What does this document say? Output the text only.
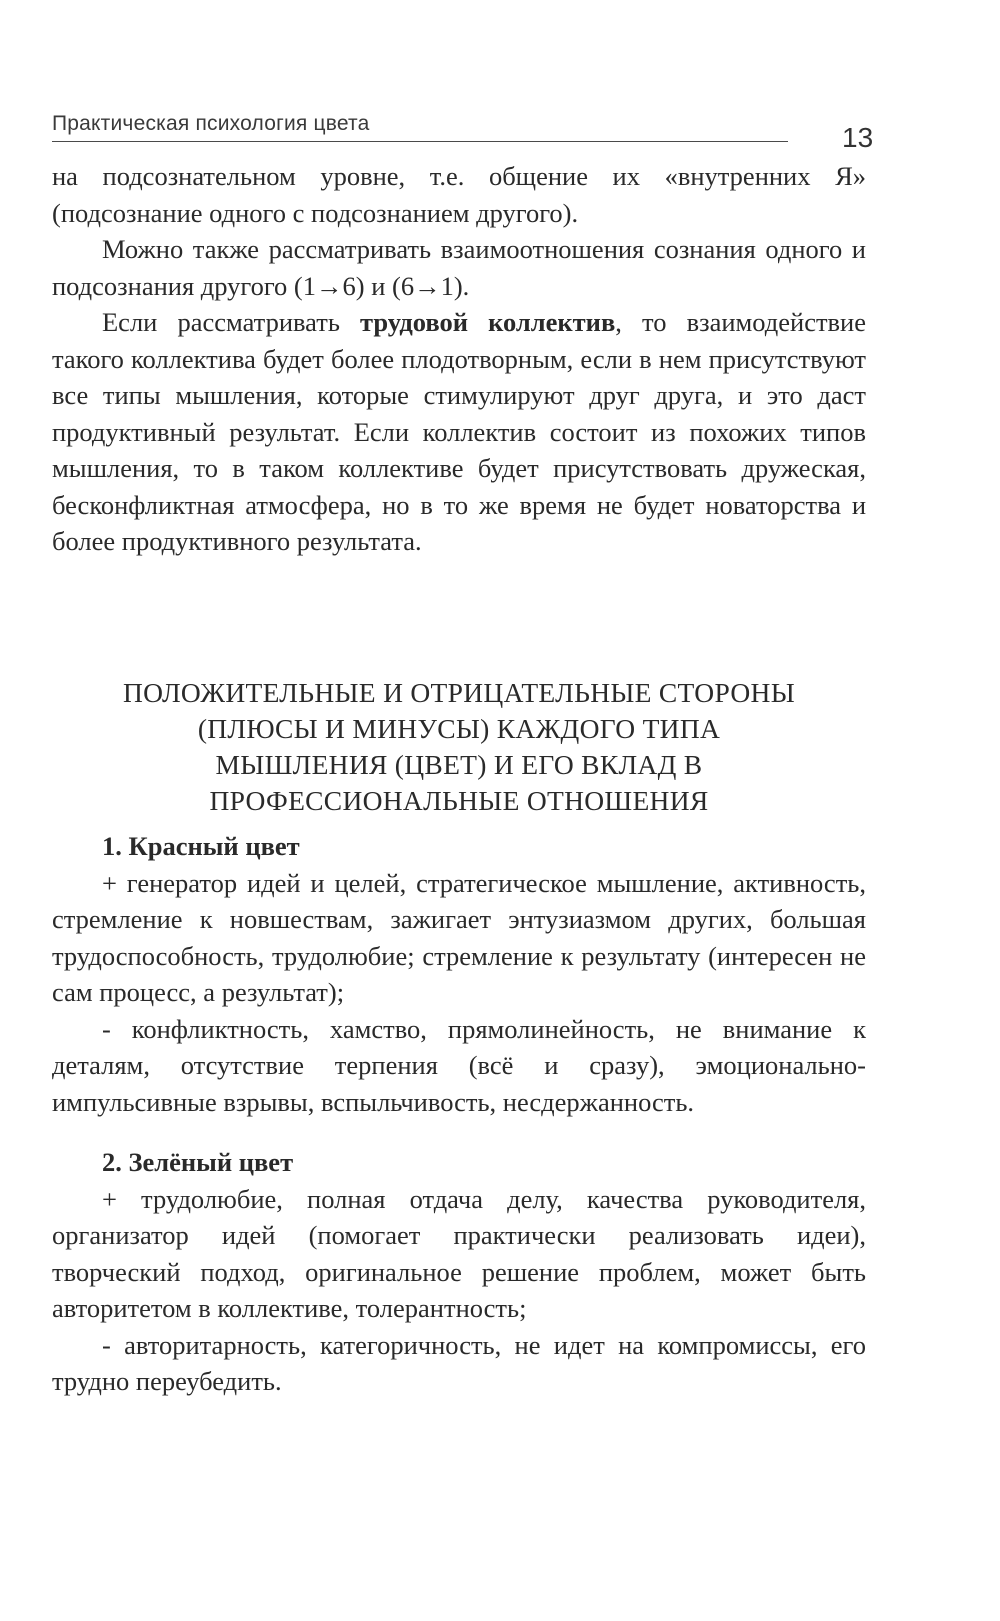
Практическая психология цвета	13

на подсознательном уровне, т.е. общение их «внутренних Я» (подсознание одного с подсознанием другого).

Можно также рассматривать взаимоотношения сознания одного и подсознания другого (1→6) и (6→1).

Если рассматривать трудовой коллектив, то взаимодействие такого коллектива будет более плодотворным, если в нем присутствуют все типы мышления, которые стимулируют друг друга, и это даст продуктивный результат. Если коллектив состоит из похожих типов мышления, то в таком коллективе будет присутствовать дружеская, бесконфликтная атмосфера, но в то же время не будет новаторства и более продуктивного результата.

ПОЛОЖИТЕЛЬНЫЕ И ОТРИЦАТЕЛЬНЫЕ СТОРОНЫ
(ПЛЮСЫ И МИНУСЫ) КАЖДОГО ТИПА
МЫШЛЕНИЯ (ЦВЕТ) И ЕГО ВКЛАД В
ПРОФЕССИОНАЛЬНЫЕ ОТНОШЕНИЯ

1. Красный цвет

+ генератор идей и целей, стратегическое мышление, активность, стремление к новшествам, зажигает энтузиазмом других, большая трудоспособность, трудолюбие; стремление к результату (интересен не сам процесс, а результат);

- конфликтность, хамство, прямолинейность, не внимание к деталям, отсутствие терпения (всё и сразу), эмоционально-импульсивные взрывы, вспыльчивость, несдержанность.

2. Зелёный цвет

+ трудолюбие, полная отдача делу, качества руководителя, организатор идей (помогает практически реализовать идеи), творческий подход, оригинальное решение проблем, может быть авторитетом в коллективе, толерантность;

- авторитарность, категоричность, не идет на компромиссы, его трудно переубедить.
